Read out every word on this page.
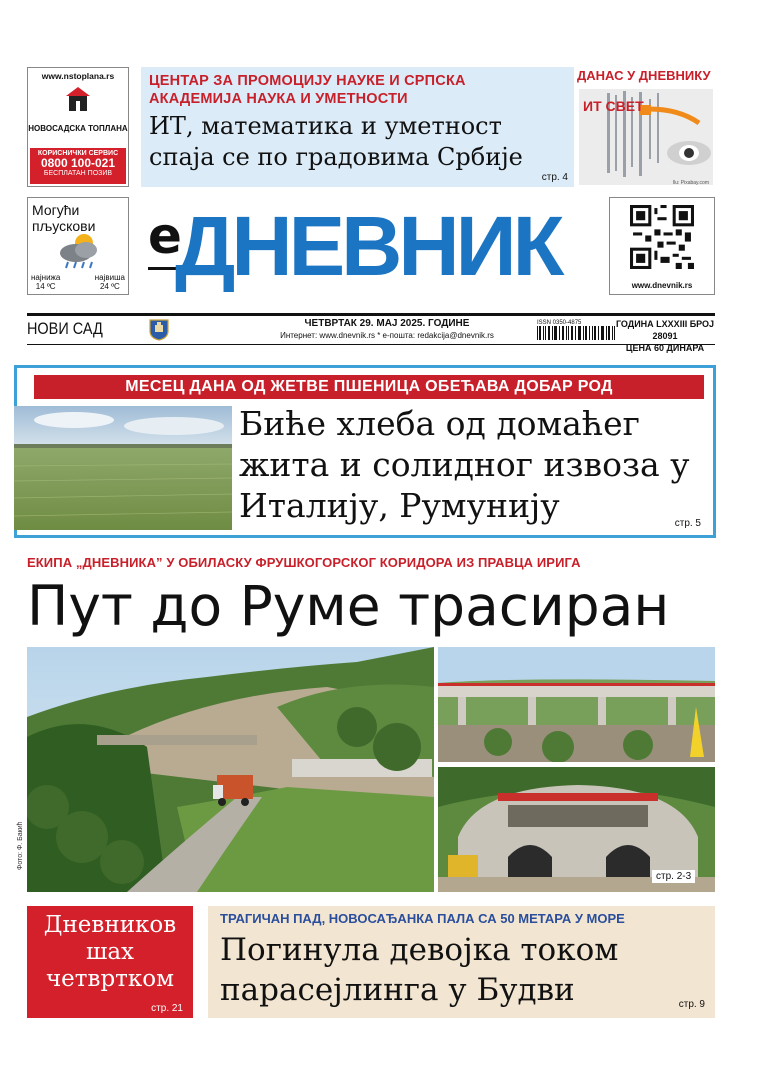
www.nstoplana.rs
НОВОСАДСКА ТОПЛАНА
КОРИСНИЧКИ СЕРВИС
0800 100-021
БЕСПЛАТАН ПОЗИВ
ЦЕНТАР ЗА ПРОМОЦИЈУ НАУКЕ И СРПСКА АКАДЕМИЈА НАУКА И УМЕТНОСТИ
ИТ, математика и уметност спаја се по градовима Србије
стр. 4
ДАНАС У ДНЕВНИКУ
ИТ СВЕТ
Ilu: Pixabay.com
Могући пљускови
најнижа
14 ºC
највиша
24 ºC
e
ДНЕВНИК	www.dnevnik.rs
НОВИ САД	ЧЕТВРТАК 29. МАЈ 2025. ГОДИНЕ
Интернет: www.dnevnik.rs * е-пошта: redakcija@dnevnik.rs
ISSN 0350-4875	ГОДИНА LXXXIII БРОЈ 28091
ЦЕНА 60 ДИНАРА
МЕСЕЦ ДАНА ОД ЖЕТВЕ ПШЕНИЦА ОБЕЋАВА ДОБАР РОД
Биће хлеба од домаћег жита и солидног извоза у Италију, Румунију	стр. 5
ЕКИПА „ДНЕВНИКА” У ОБИЛАСКУ ФРУШКОГОРСКОГ КОРИДОРА ИЗ ПРАВЦА ИРИГА
Пут до Руме трасиран
Фото: Ф. Бакић
стр. 2-3
Дневников шах четвртком
стр. 21
ТРАГИЧАН ПАД, НОВОСАЂАНКА ПАЛА СА 50 МЕТАРА У МОРЕ
Погинула девојка током парасејлинга у Будви	стр. 9
